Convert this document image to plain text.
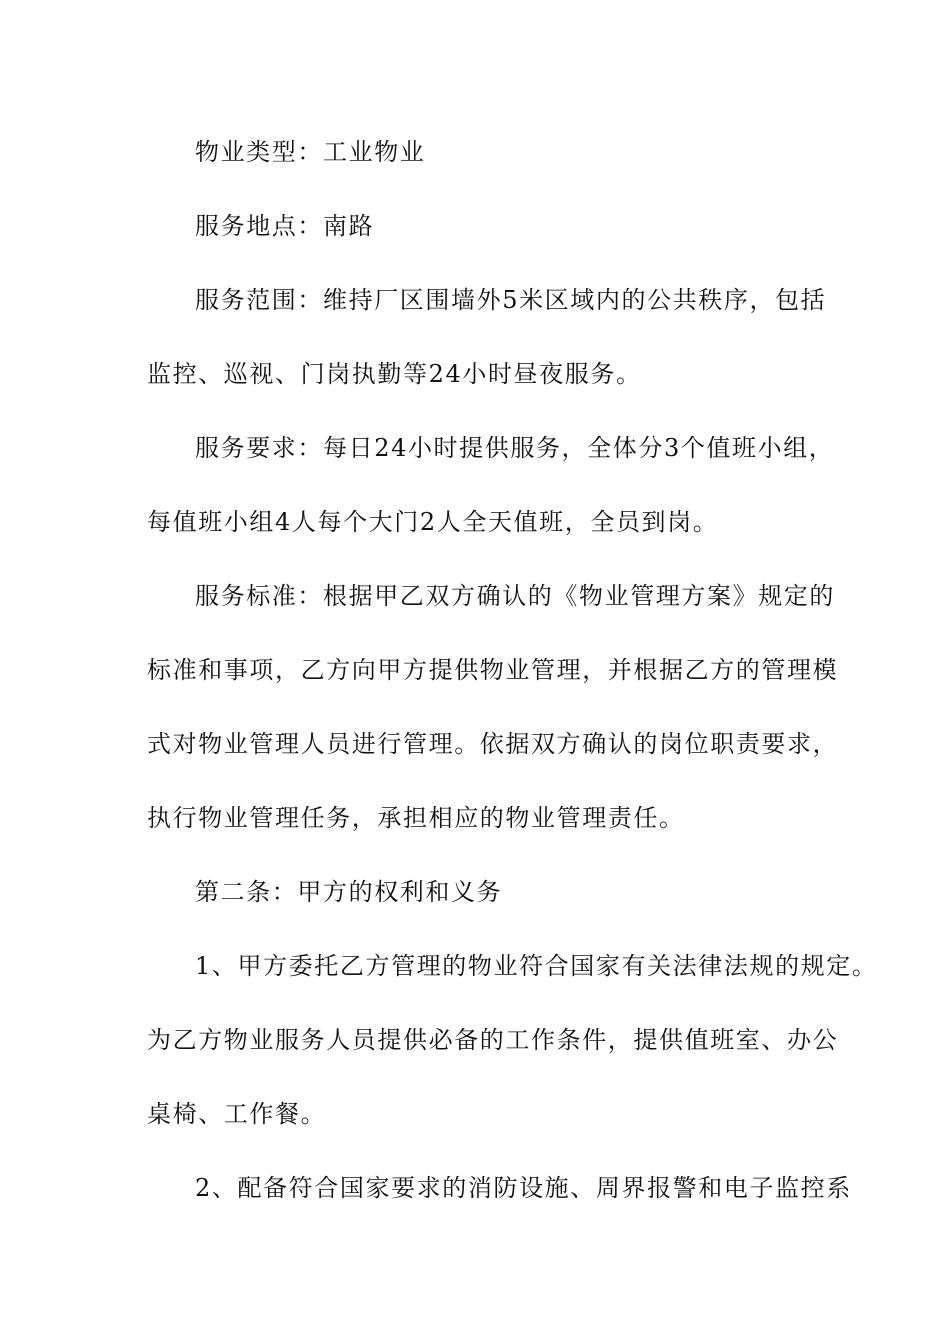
物业类型：工业物业
服务地点：南路
服务范围：维持厂区围墙外5米区域内的公共秩序，包括
监控、巡视、门岗执勤等24小时昼夜服务。
服务要求：每日24小时提供服务，全体分3个值班小组，
每值班小组4人每个大门2人全天值班，全员到岗。
服务标准：根据甲乙双方确认的《物业管理方案》规定的
标准和事项，乙方向甲方提供物业管理，并根据乙方的管理模
式对物业管理人员进行管理。依据双方确认的岗位职责要求，
执行物业管理任务，承担相应的物业管理责任。
第二条：甲方的权利和义务
1、甲方委托乙方管理的物业符合国家有关法律法规的规定。
为乙方物业服务人员提供必备的工作条件，提供值班室、办公
桌椅、工作餐。
2、配备符合国家要求的消防设施、周界报警和电子监控系
